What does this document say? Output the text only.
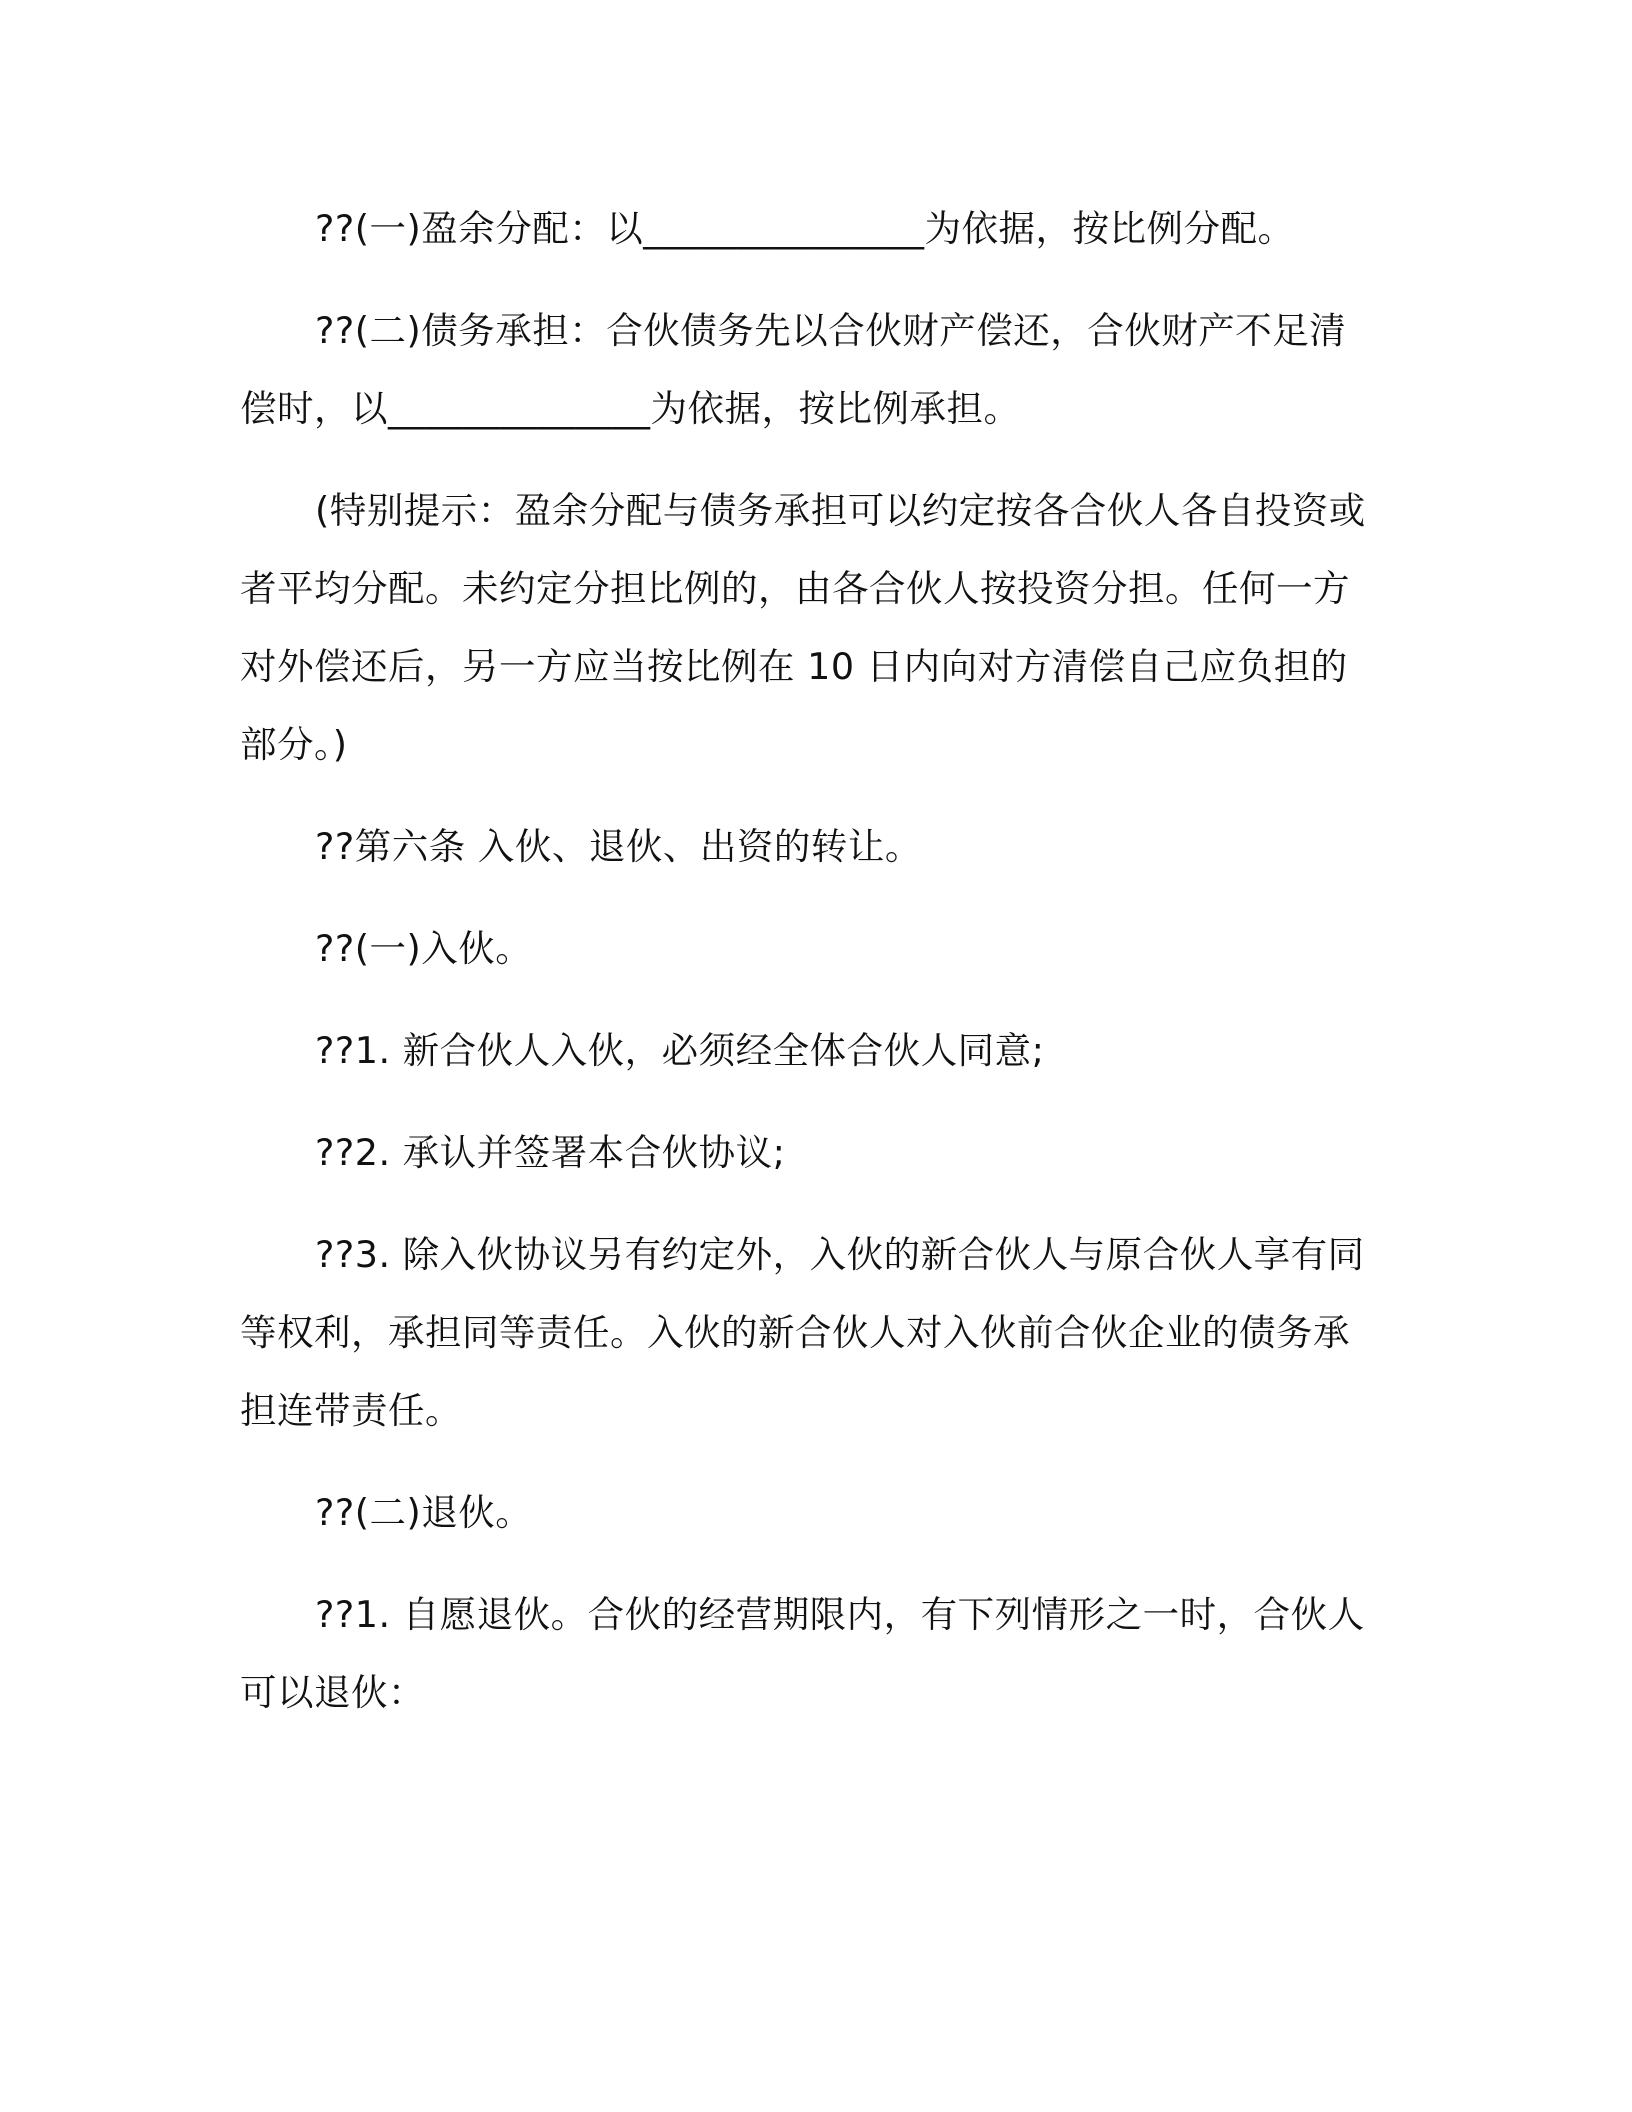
??(一)盈余分配：以_______________为依据，按比例分配。

??(二)债务承担：合伙债务先以合伙财产偿还，合伙财产不足清偿时，以______________为依据，按比例承担。

(特别提示：盈余分配与债务承担可以约定按各合伙人各自投资或者平均分配。未约定分担比例的，由各合伙人按投资分担。任何一方对外偿还后，另一方应当按比例在 10 日内向对方清偿自己应负担的部分。)

??第六条 入伙、退伙、出资的转让。

??(一)入伙。

??1. 新合伙人入伙，必须经全体合伙人同意;

??2. 承认并签署本合伙协议;

??3. 除入伙协议另有约定外，入伙的新合伙人与原合伙人享有同等权利，承担同等责任。入伙的新合伙人对入伙前合伙企业的债务承担连带责任。

??(二)退伙。

??1. 自愿退伙。合伙的经营期限内，有下列情形之一时，合伙人可以退伙：
